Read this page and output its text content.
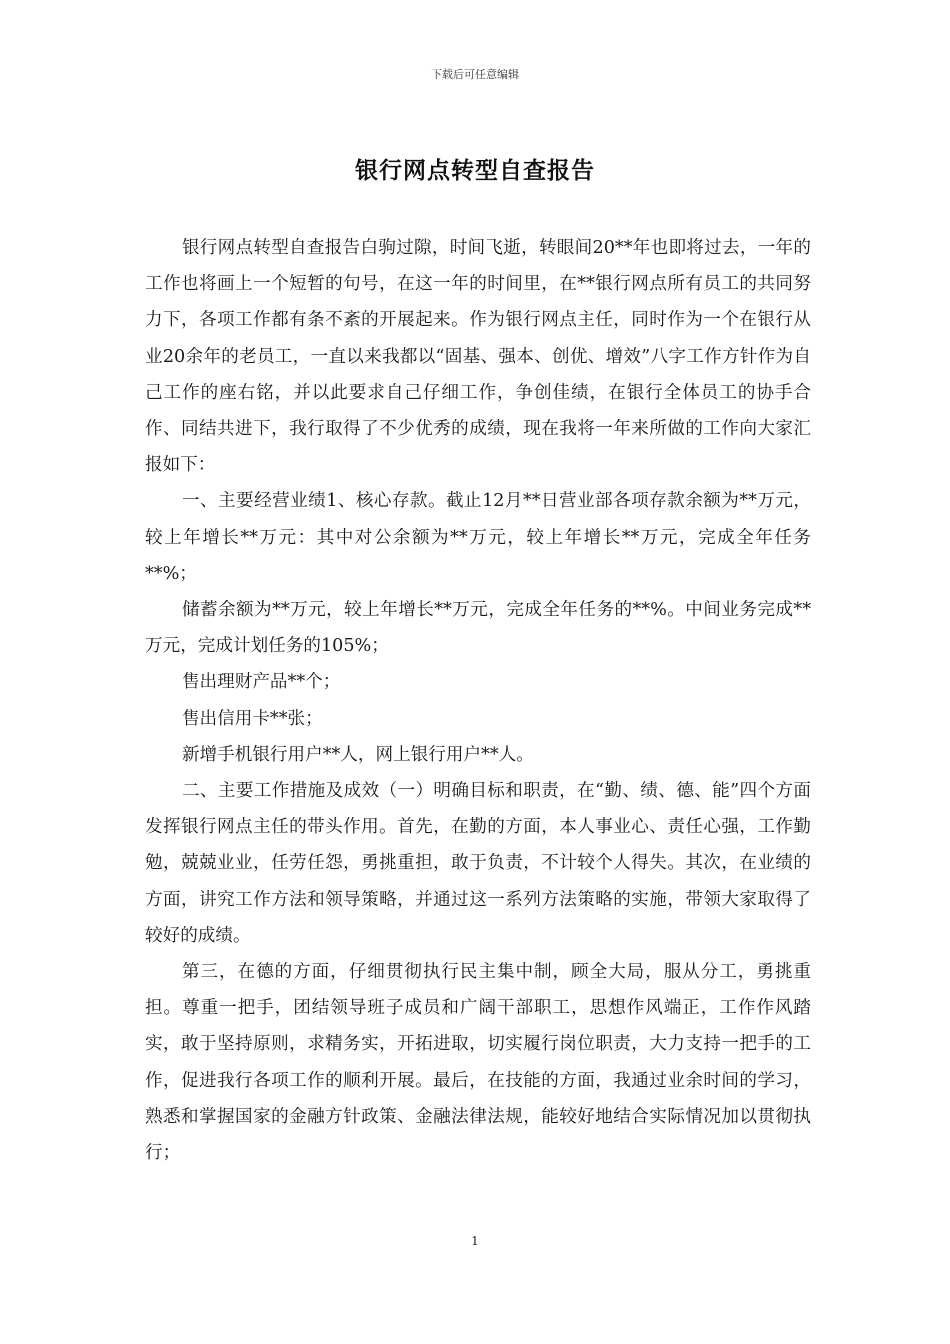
下载后可任意编辑
银行网点转型自查报告

银行网点转型自查报告白驹过隙，时间飞逝，转眼间20**年也即将过去，一年的工作也将画上一个短暂的句号，在这一年的时间里，在**银行网点所有员工的共同努力下，各项工作都有条不紊的开展起来。作为银行网点主任，同时作为一个在银行从业20余年的老员工，一直以来我都以“固基、强本、创优、增效”八字工作方针作为自己工作的座右铭，并以此要求自己仔细工作，争创佳绩，在银行全体员工的协手合作、同结共进下，我行取得了不少优秀的成绩，现在我将一年来所做的工作向大家汇报如下：

一、主要经营业绩1、核心存款。截止12月**日营业部各项存款余额为**万元，较上年增长**万元：其中对公余额为**万元，较上年增长**万元，完成全年任务**%；

储蓄余额为**万元，较上年增长**万元，完成全年任务的**%。中间业务完成**万元，完成计划任务的105%；

售出理财产品**个；

售出信用卡**张；

新增手机银行用户**人，网上银行用户**人。

二、主要工作措施及成效（一）明确目标和职责，在“勤、绩、德、能”四个方面发挥银行网点主任的带头作用。首先，在勤的方面，本人事业心、责任心强，工作勤勉，兢兢业业，任劳任怨，勇挑重担，敢于负责，不计较个人得失。其次，在业绩的方面，讲究工作方法和领导策略，并通过这一系列方法策略的实施，带领大家取得了较好的成绩。

第三，在德的方面，仔细贯彻执行民主集中制，顾全大局，服从分工，勇挑重担。尊重一把手，团结领导班子成员和广阔干部职工，思想作风端正，工作作风踏实，敢于坚持原则，求精务实，开拓进取，切实履行岗位职责，大力支持一把手的工作，促进我行各项工作的顺利开展。最后，在技能的方面，我通过业余时间的学习，熟悉和掌握国家的金融方针政策、金融法律法规，能较好地结合实际情况加以贯彻执行；

1
